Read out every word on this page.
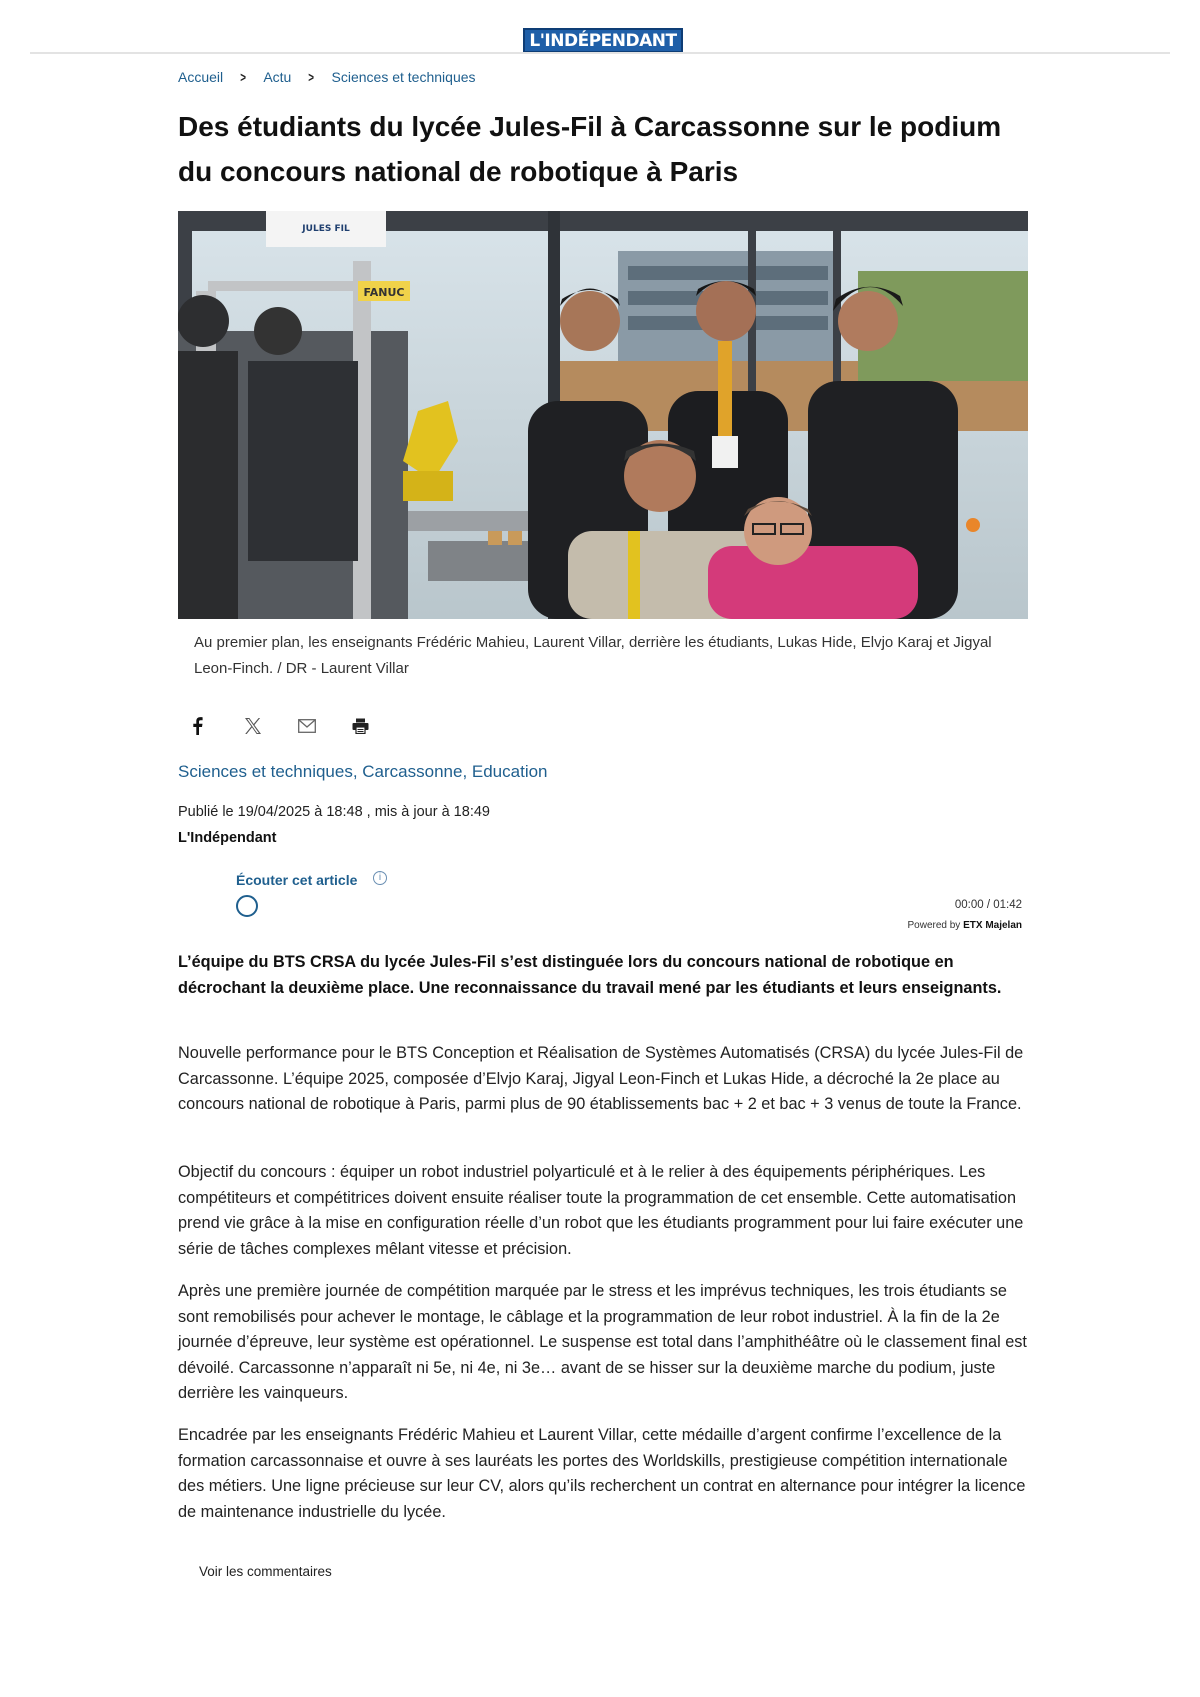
L'INDÉPENDANT
Accueil > Actu > Sciences et techniques
Des étudiants du lycée Jules-Fil à Carcassonne sur le podium du concours national de robotique à Paris
JULES FIL
FANUC

Au premier plan, les enseignants Frédéric Mahieu, Laurent Villar, derrière les étudiants, Lukas Hide, Elvjo Karaj et Jigyal Leon-Finch. / DR - Laurent Villar

Sciences et techniques, Carcassonne, Education
Publié le 19/04/2025 à 18:48 , mis à jour à 18:49
L'Indépendant
Écouter cet article	i
00:00 / 01:42
Powered by ETX Majelan

L’équipe du BTS CRSA du lycée Jules-Fil s’est distinguée lors du concours national de robotique en décrochant la deuxième place. Une reconnaissance du travail mené par les étudiants et leurs enseignants.

Nouvelle performance pour le BTS Conception et Réalisation de Systèmes Automatisés (CRSA) du lycée Jules-Fil de Carcassonne. L’équipe 2025, composée d’Elvjo Karaj, Jigyal Leon-Finch et Lukas Hide, a décroché la 2e place au concours national de robotique à Paris, parmi plus de 90 établissements bac + 2 et bac + 3 venus de toute la France.

Objectif du concours : équiper un robot industriel polyarticulé et à le relier à des équipements périphériques. Les compétiteurs et compétitrices doivent ensuite réaliser toute la programmation de cet ensemble. Cette automatisation prend vie grâce à la mise en configuration réelle d’un robot que les étudiants programment pour lui faire exécuter une série de tâches complexes mêlant vitesse et précision.

Après une première journée de compétition marquée par le stress et les imprévus techniques, les trois étudiants se sont remobilisés pour achever le montage, le câblage et la programmation de leur robot industriel. À la fin de la 2e journée d’épreuve, leur système est opérationnel. Le suspense est total dans l’amphithéâtre où le classement final est dévoilé. Carcassonne n’apparaît ni 5e, ni 4e, ni 3e… avant de se hisser sur la deuxième marche du podium, juste derrière les vainqueurs.

Encadrée par les enseignants Frédéric Mahieu et Laurent Villar, cette médaille d’argent confirme l’excellence de la formation carcassonnaise et ouvre à ses lauréats les portes des Worldskills, prestigieuse compétition internationale des métiers. Une ligne précieuse sur leur CV, alors qu’ils recherchent un contrat en alternance pour intégrer la licence de maintenance industrielle du lycée.

Voir les commentaires
